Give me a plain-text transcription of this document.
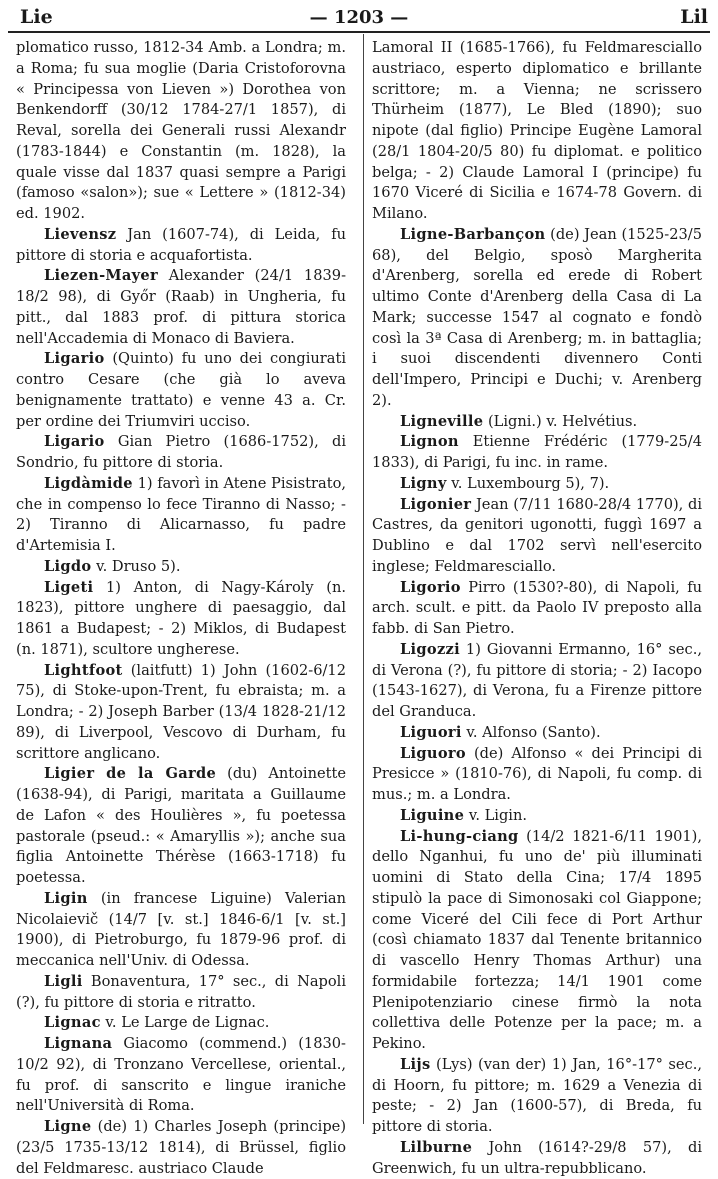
Lie	— 1203 —	Lil

plomatico russo, 1812-34 Amb. a Londra; m. a Roma; fu sua moglie (Daria Cristoforovna « Principessa von Lieven ») Dorothea von Benkendorff (30/12 1784-27/1 1857), di Reval, sorella dei Generali russi Alexandr (1783-1844) e Constantin (m. 1828), la quale visse dal 1837 quasi sempre a Parigi (famoso «salon»); sue « Lettere » (1812-34) ed. 1902.

Lievensz Jan (1607-74), di Leida, fu pittore di storia e acquafortista.

Liezen-Mayer Alexander (24/1 1839-18/2 98), di Győr (Raab) in Ungheria, fu pitt., dal 1883 prof. di pittura storica nell'Accademia di Monaco di Baviera.

Ligario (Quinto) fu uno dei congiurati contro Cesare (che già lo aveva benignamente trattato) e venne 43 a. Cr. per ordine dei Triumviri ucciso.

Ligario Gian Pietro (1686-1752), di Sondrio, fu pittore di storia.

Ligdàmide 1) favorì in Atene Pisistrato, che in compenso lo fece Tiranno di Nasso; - 2) Tiranno di Alicarnasso, fu padre d'Artemisia I.

Ligdo v. Druso 5).

Ligeti 1) Anton, di Nagy-Károly (n. 1823), pittore unghere di paesaggio, dal 1861 a Budapest; - 2) Miklos, di Budapest (n. 1871), scultore ungherese.

Lightfoot (laitfutt) 1) John (1602-6/12 75), di Stoke-upon-Trent, fu ebraista; m. a Londra; - 2) Joseph Barber (13/4 1828-21/12 89), di Liverpool, Vescovo di Durham, fu scrittore anglicano.

Ligier de la Garde (du) Antoinette (1638-94), di Parigi, maritata a Guillaume de Lafon « des Houlières », fu poetessa pastorale (pseud.: « Amaryllis »); anche sua figlia Antoinette Thérèse (1663-1718) fu poetessa.

Ligin (in francese Liguine) Valerian Nicolaievič (14/7 [v. st.] 1846-6/1 [v. st.] 1900), di Pietroburgo, fu 1879-96 prof. di meccanica nell'Univ. di Odessa.

Ligli Bonaventura, 17° sec., di Napoli (?), fu pittore di storia e ritratto.

Lignac v. Le Large de Lignac.

Lignana Giacomo (commend.) (1830-10/2 92), di Tronzano Vercellese, oriental., fu prof. di sanscrito e lingue iraniche nell'Università di Roma.

Ligne (de) 1) Charles Joseph (principe) (23/5 1735-13/12 1814), di Brüssel, figlio del Feldmaresc. austriaco Claude

Lamoral II (1685-1766), fu Feldmaresciallo austriaco, esperto diplomatico e brillante scrittore; m. a Vienna; ne scrissero Thürheim (1877), Le Bled (1890); suo nipote (dal figlio) Principe Eugène Lamoral (28/1 1804-20/5 80) fu diplomat. e politico belga; - 2) Claude Lamoral I (principe) fu 1670 Viceré di Sicilia e 1674-78 Govern. di Milano.

Ligne-Barbançon (de) Jean (1525-23/5 68), del Belgio, sposò Margherita d'Arenberg, sorella ed erede di Robert ultimo Conte d'Arenberg della Casa di La Mark; successe 1547 al cognato e fondò così la 3ª Casa di Arenberg; m. in battaglia; i suoi discendenti divennero Conti dell'Impero, Principi e Duchi; v. Arenberg 2).

Ligneville (Ligni.) v. Helvétius.

Lignon Etienne Frédéric (1779-25/4 1833), di Parigi, fu inc. in rame.

Ligny v. Luxembourg 5), 7).

Ligonier Jean (7/11 1680-28/4 1770), di Castres, da genitori ugonotti, fuggì 1697 a Dublino e dal 1702 servì nell'esercito inglese; Feldmaresciallo.

Ligorio Pirro (1530?-80), di Napoli, fu arch. scult. e pitt. da Paolo IV preposto alla fabb. di San Pietro.

Ligozzi 1) Giovanni Ermanno, 16° sec., di Verona (?), fu pittore di storia; - 2) Iacopo (1543-1627), di Verona, fu a Firenze pittore del Granduca.

Liguori v. Alfonso (Santo).

Liguoro (de) Alfonso « dei Principi di Presicce » (1810-76), di Napoli, fu comp. di mus.; m. a Londra.

Liguine v. Ligin.

Li-hung-ciang (14/2 1821-6/11 1901), dello Nganhui, fu uno de' più illuminati uomini di Stato della Cina; 17/4 1895 stipulò la pace di Simonosaki col Giappone; come Viceré del Cili fece di Port Arthur (così chiamato 1837 dal Tenente britannico di vascello Henry Thomas Arthur) una formidabile fortezza; 14/1 1901 come Plenipotenziario cinese firmò la nota collettiva delle Potenze per la pace; m. a Pekino.

Lijs (Lys) (van der) 1) Jan, 16°-17° sec., di Hoorn, fu pittore; m. 1629 a Venezia di peste; - 2) Jan (1600-57), di Breda, fu pittore di storia.

Lilburne John (1614?-29/8 57), di Greenwich, fu un ultra-repubblicano.
